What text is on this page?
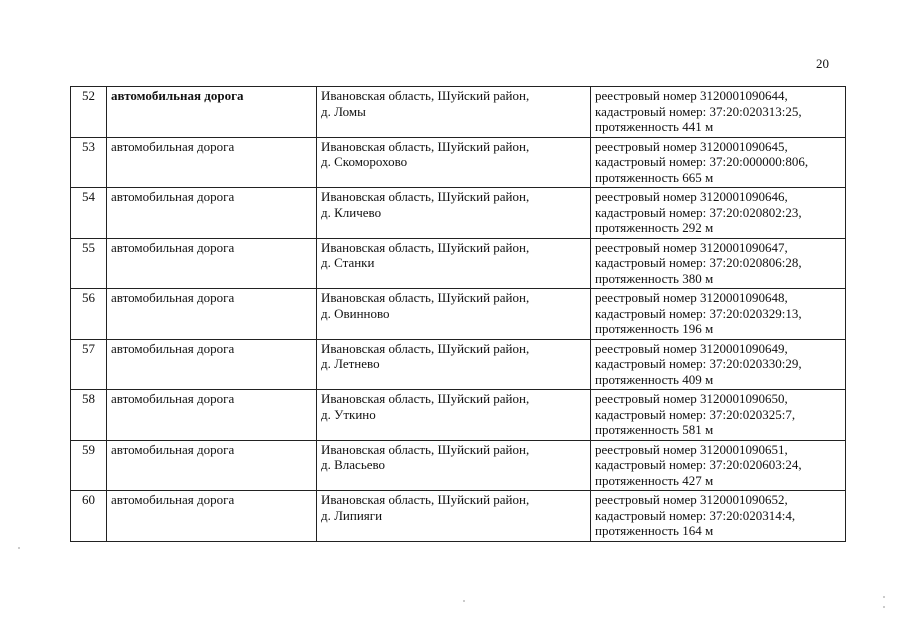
20
52	автомобильная дорога	Ивановская область, Шуйский район,
д. Ломы	реестровый номер 3120001090644,
кадастровый номер: 37:20:020313:25,
протяженность 441 м

53	автомобильная дорога	Ивановская область, Шуйский район,
д. Скоморохово	реестровый номер 3120001090645,
кадастровый номер: 37:20:000000:806,
протяженность 665 м

54	автомобильная дорога	Ивановская область, Шуйский район,
д. Кличево	реестровый номер 3120001090646,
кадастровый номер: 37:20:020802:23,
протяженность 292 м

55	автомобильная дорога	Ивановская область, Шуйский район,
д. Станки	реестровый номер 3120001090647,
кадастровый номер: 37:20:020806:28,
протяженность 380 м

56	автомобильная дорога	Ивановская область, Шуйский район,
д. Овинново	реестровый номер 3120001090648,
кадастровый номер: 37:20:020329:13,
протяженность 196 м

57	автомобильная дорога	Ивановская область, Шуйский район,
д. Летнево	реестровый номер 3120001090649,
кадастровый номер: 37:20:020330:29,
протяженность 409 м

58	автомобильная дорога	Ивановская область, Шуйский район,
д. Уткино	реестровый номер 3120001090650,
кадастровый номер: 37:20:020325:7,
протяженность 581 м

59	автомобильная дорога	Ивановская область, Шуйский район,
д. Власьево	реестровый номер 3120001090651,
кадастровый номер: 37:20:020603:24,
протяженность 427 м

60	автомобильная дорога	Ивановская область, Шуйский район,
д. Липияги	реестровый номер 3120001090652,
кадастровый номер: 37:20:020314:4,
протяженность 164 м
